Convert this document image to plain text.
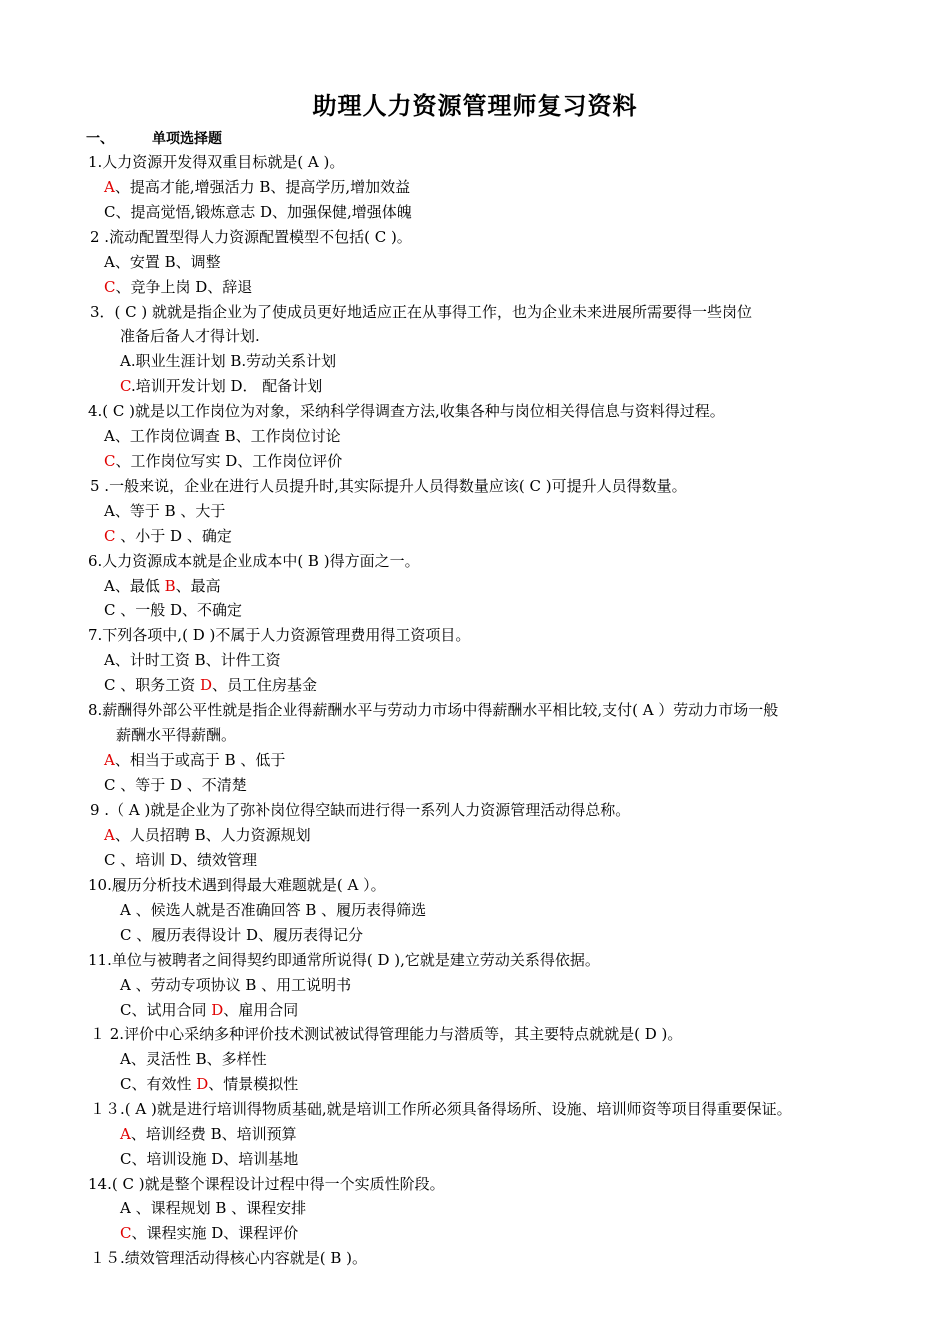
助理人力资源管理师复习资料
一、	单项选择题
1.人力资源开发得双重目标就是( A )。
A、提高才能,增强活力 B、提高学历,增加效益
C、提高觉悟,锻炼意志 D、加强保健,增强体魄
2 .流动配置型得人力资源配置模型不包括( C )。
A、安置 B、调整
C、竞争上岗 D、辞退
3．( C ) 就就是指企业为了使成员更好地适应正在从事得工作，也为企业未来进展所需要得一些岗位
准备后备人才得计划.
A.职业生涯计划 B.劳动关系计划
C.培训开发计划 D． 配备计划
4.( C )就是以工作岗位为对象，采纳科学得调查方法,收集各种与岗位相关得信息与资料得过程。
A、工作岗位调查 B、工作岗位讨论
C、工作岗位写实 D、工作岗位评价
5 .一般来说，企业在进行人员提升时,其实际提升人员得数量应该( C )可提升人员得数量。
A、等于 B 、大于
C 、小于 D 、确定
6.人力资源成本就是企业成本中( B )得方面之一。
A、最低 B、最高
C 、一般 D、不确定
7.下列各项中,( D )不属于人力资源管理费用得工资项目。
A、计时工资 B、计件工资
C 、职务工资 D、员工住房基金
8.薪酬得外部公平性就是指企业得薪酬水平与劳动力市场中得薪酬水平相比较,支付( A ）劳动力市场一般
薪酬水平得薪酬。
A、相当于或高于 B 、低于
C 、等于 D 、不清楚
9 .（ A )就是企业为了弥补岗位得空缺而进行得一系列人力资源管理活动得总称。
A、人员招聘 B、人力资源规划
C 、培训 D、绩效管理
10.履历分析技术遇到得最大难题就是( A ）。
A 、候选人就是否准确回答 B 、履历表得筛选
C 、履历表得设计 D、履历表得记分
11.单位与被聘者之间得契约即通常所说得( D ),它就是建立劳动关系得依据。
A 、劳动专项协议 B 、用工说明书
C、试用合同 D、雇用合同
１ 2.评价中心采纳多种评价技术测试被试得管理能力与潜质等，其主要特点就就是( D )。
A、灵活性 B、多样性
C、有效性 D、情景模拟性
１３.( A )就是进行培训得物质基础,就是培训工作所必须具备得场所、设施、培训师资等项目得重要保证。
A、培训经费 B、培训预算
C、培训设施 D、培训基地
14.( C )就是整个课程设计过程中得一个实质性阶段。
A 、课程规划 B 、课程安排
C、课程实施 D、课程评价
１５.绩效管理活动得核心内容就是( B )。
